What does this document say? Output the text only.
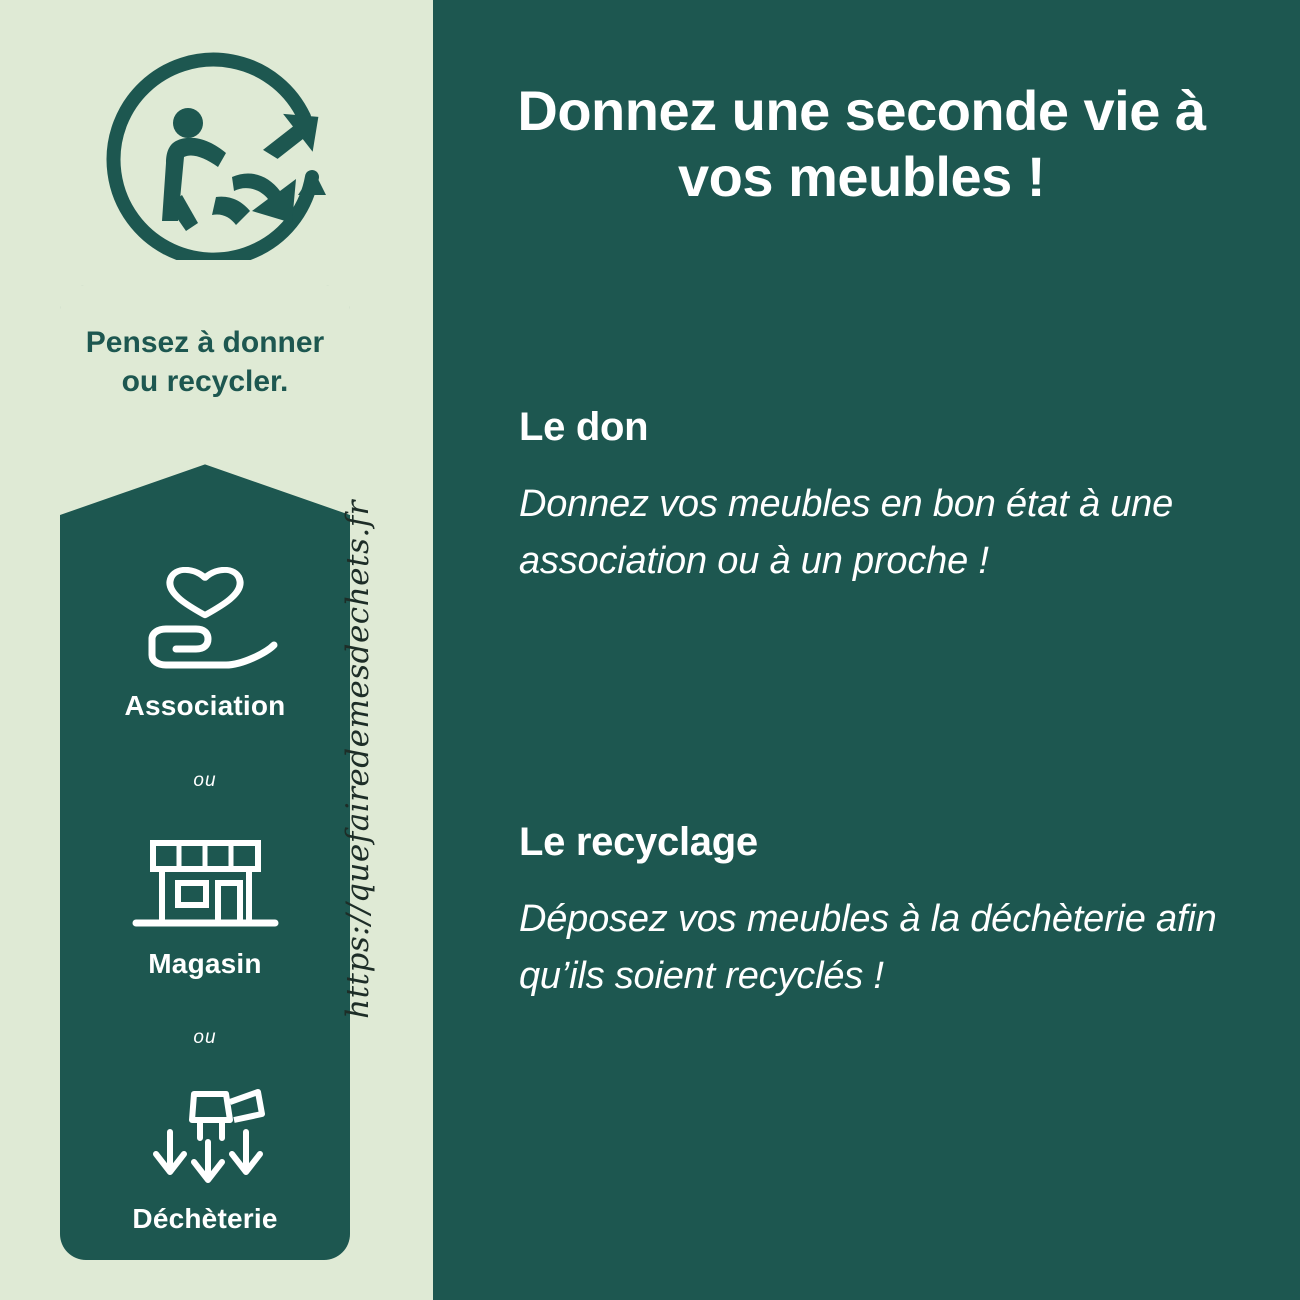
Pensez à donner ou recycler.
Association
ou
Magasin
ou
Déchèterie
https://quefairedemesdechets.fr
Donnez une seconde vie à vos meubles !
Le don
Donnez vos meubles en bon état à une association ou à un proche !
Le recyclage
Déposez vos meubles à la déchèterie afin qu’ils soient recyclés !
